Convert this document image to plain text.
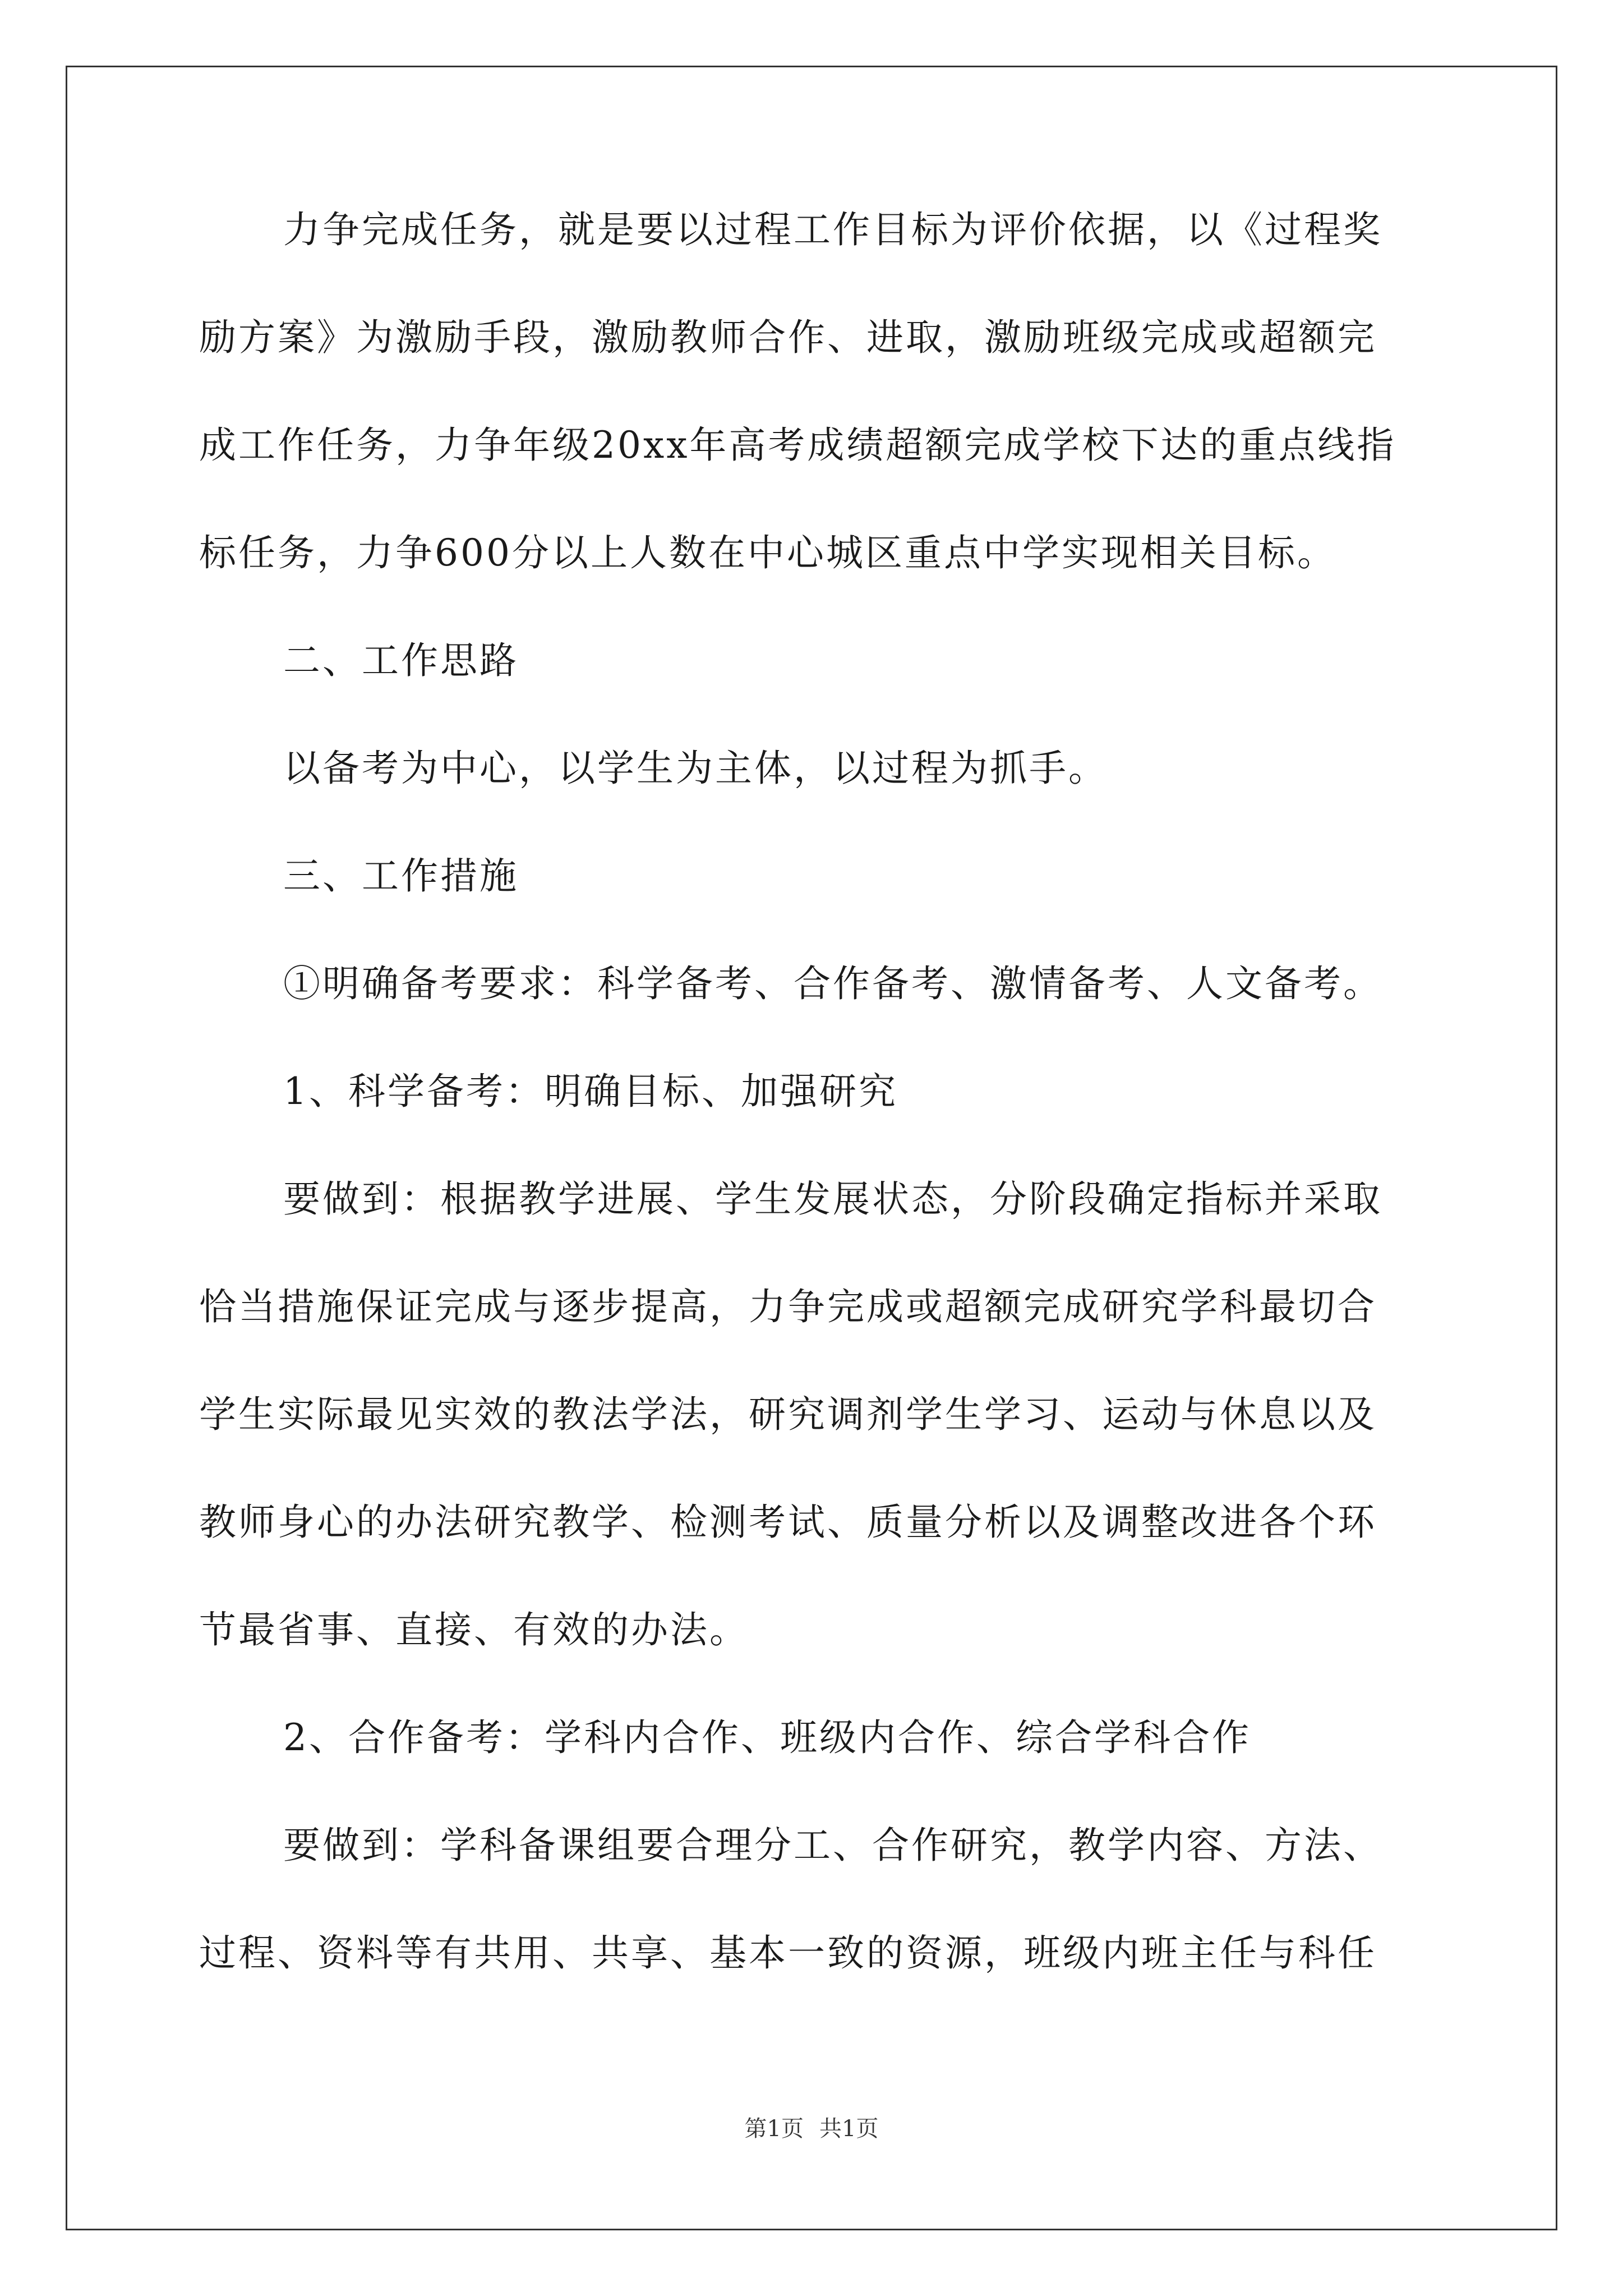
力争完成任务，就是要以过程工作目标为评价依据，以《过程奖

励方案》为激励手段，激励教师合作、进取，激励班级完成或超额完

成工作任务，力争年级20xx年高考成绩超额完成学校下达的重点线指

标任务，力争600分以上人数在中心城区重点中学实现相关目标。

二、工作思路

以备考为中心，以学生为主体，以过程为抓手。

三、工作措施

①明确备考要求：科学备考、合作备考、激情备考、人文备考。

1、科学备考：明确目标、加强研究

要做到：根据教学进展、学生发展状态，分阶段确定指标并采取

恰当措施保证完成与逐步提高，力争完成或超额完成研究学科最切合

学生实际最见实效的教法学法，研究调剂学生学习、运动与休息以及

教师身心的办法研究教学、检测考试、质量分析以及调整改进各个环

节最省事、直接、有效的办法。

2、合作备考：学科内合作、班级内合作、综合学科合作

要做到：学科备课组要合理分工、合作研究，教学内容、方法、

过程、资料等有共用、共享、基本一致的资源，班级内班主任与科任

第1页 共1页
